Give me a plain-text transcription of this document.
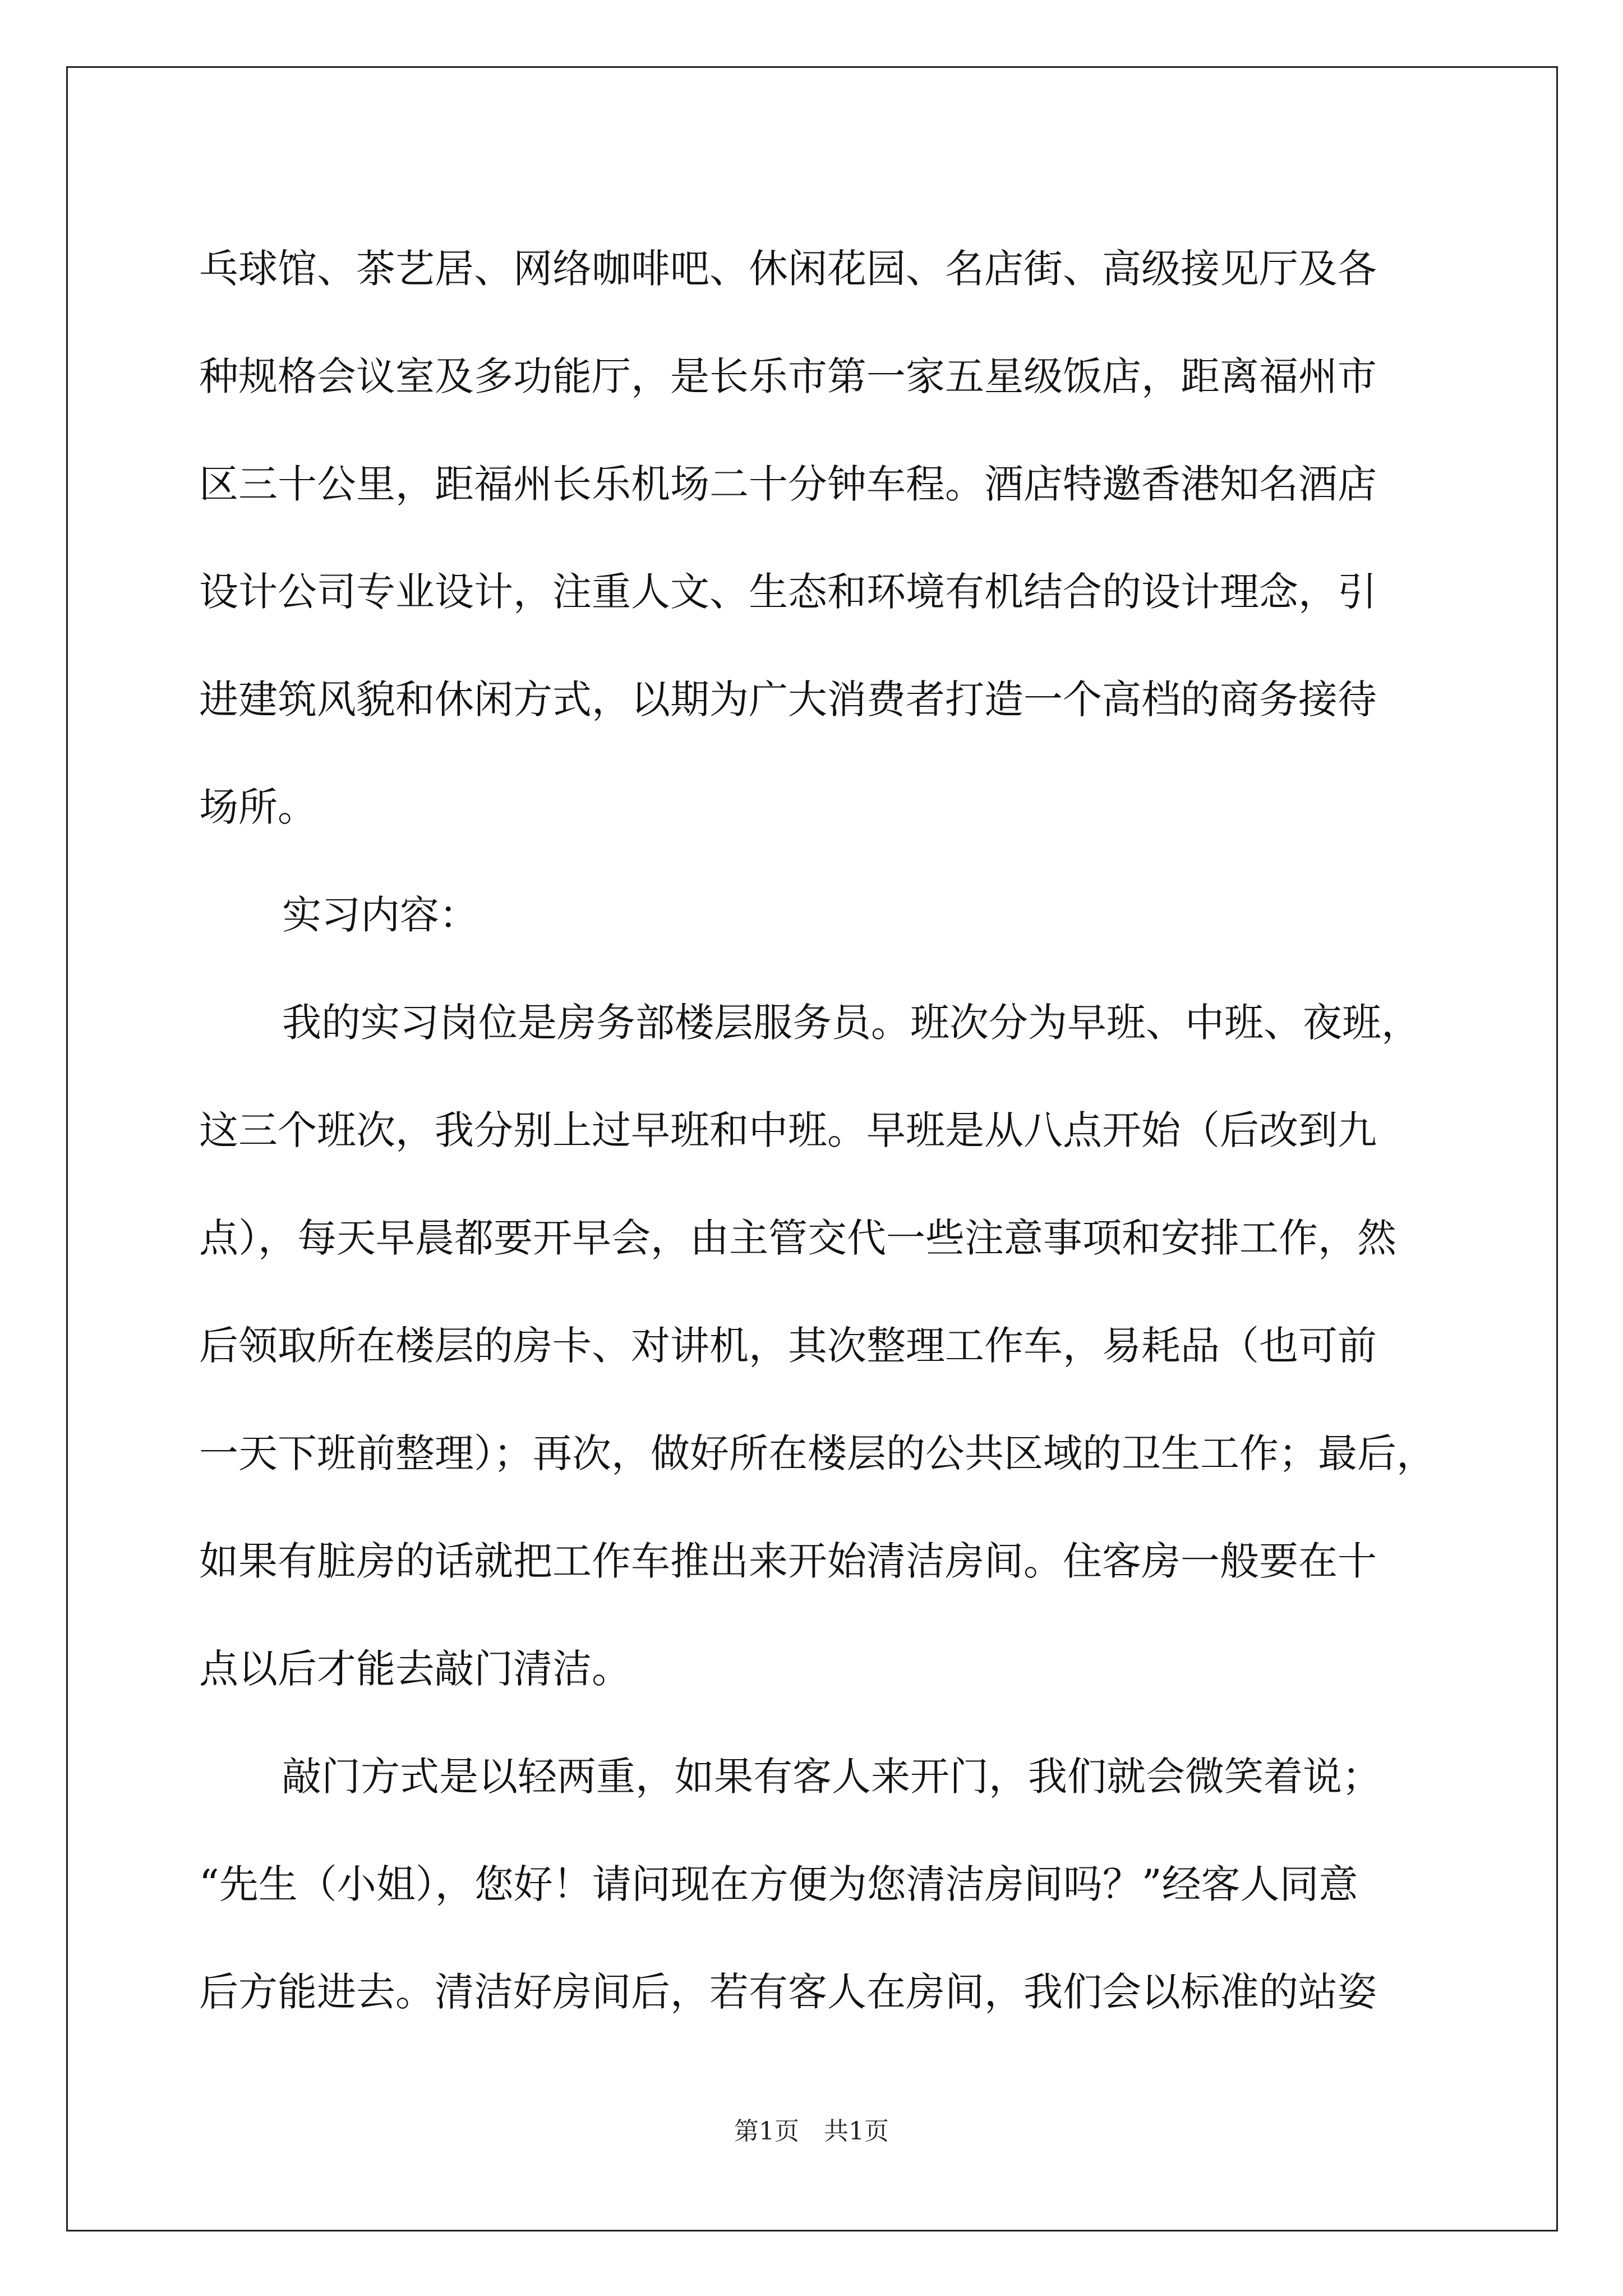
乓球馆、茶艺居、网络咖啡吧、休闲花园、名店街、高级接见厅及各
种规格会议室及多功能厅，是长乐市第一家五星级饭店，距离福州市
区三十公里，距福州长乐机场二十分钟车程。酒店特邀香港知名酒店
设计公司专业设计，注重人文、生态和环境有机结合的设计理念，引
进建筑风貌和休闲方式，以期为广大消费者打造一个高档的商务接待
场所。
实习内容：
我的实习岗位是房务部楼层服务员。班次分为早班、中班、夜班，
这三个班次，我分别上过早班和中班。早班是从八点开始（后改到九
点），每天早晨都要开早会，由主管交代一些注意事项和安排工作，然
后领取所在楼层的房卡、对讲机，其次整理工作车，易耗品（也可前
一天下班前整理）；再次，做好所在楼层的公共区域的卫生工作；最后，
如果有脏房的话就把工作车推出来开始清洁房间。住客房一般要在十
点以后才能去敲门清洁。
敲门方式是以轻两重，如果有客人来开门，我们就会微笑着说；
“先生（小姐），您好！请问现在方便为您清洁房间吗？”经客人同意
后方能进去。清洁好房间后，若有客人在房间，我们会以标准的站姿
第1页　共1页
